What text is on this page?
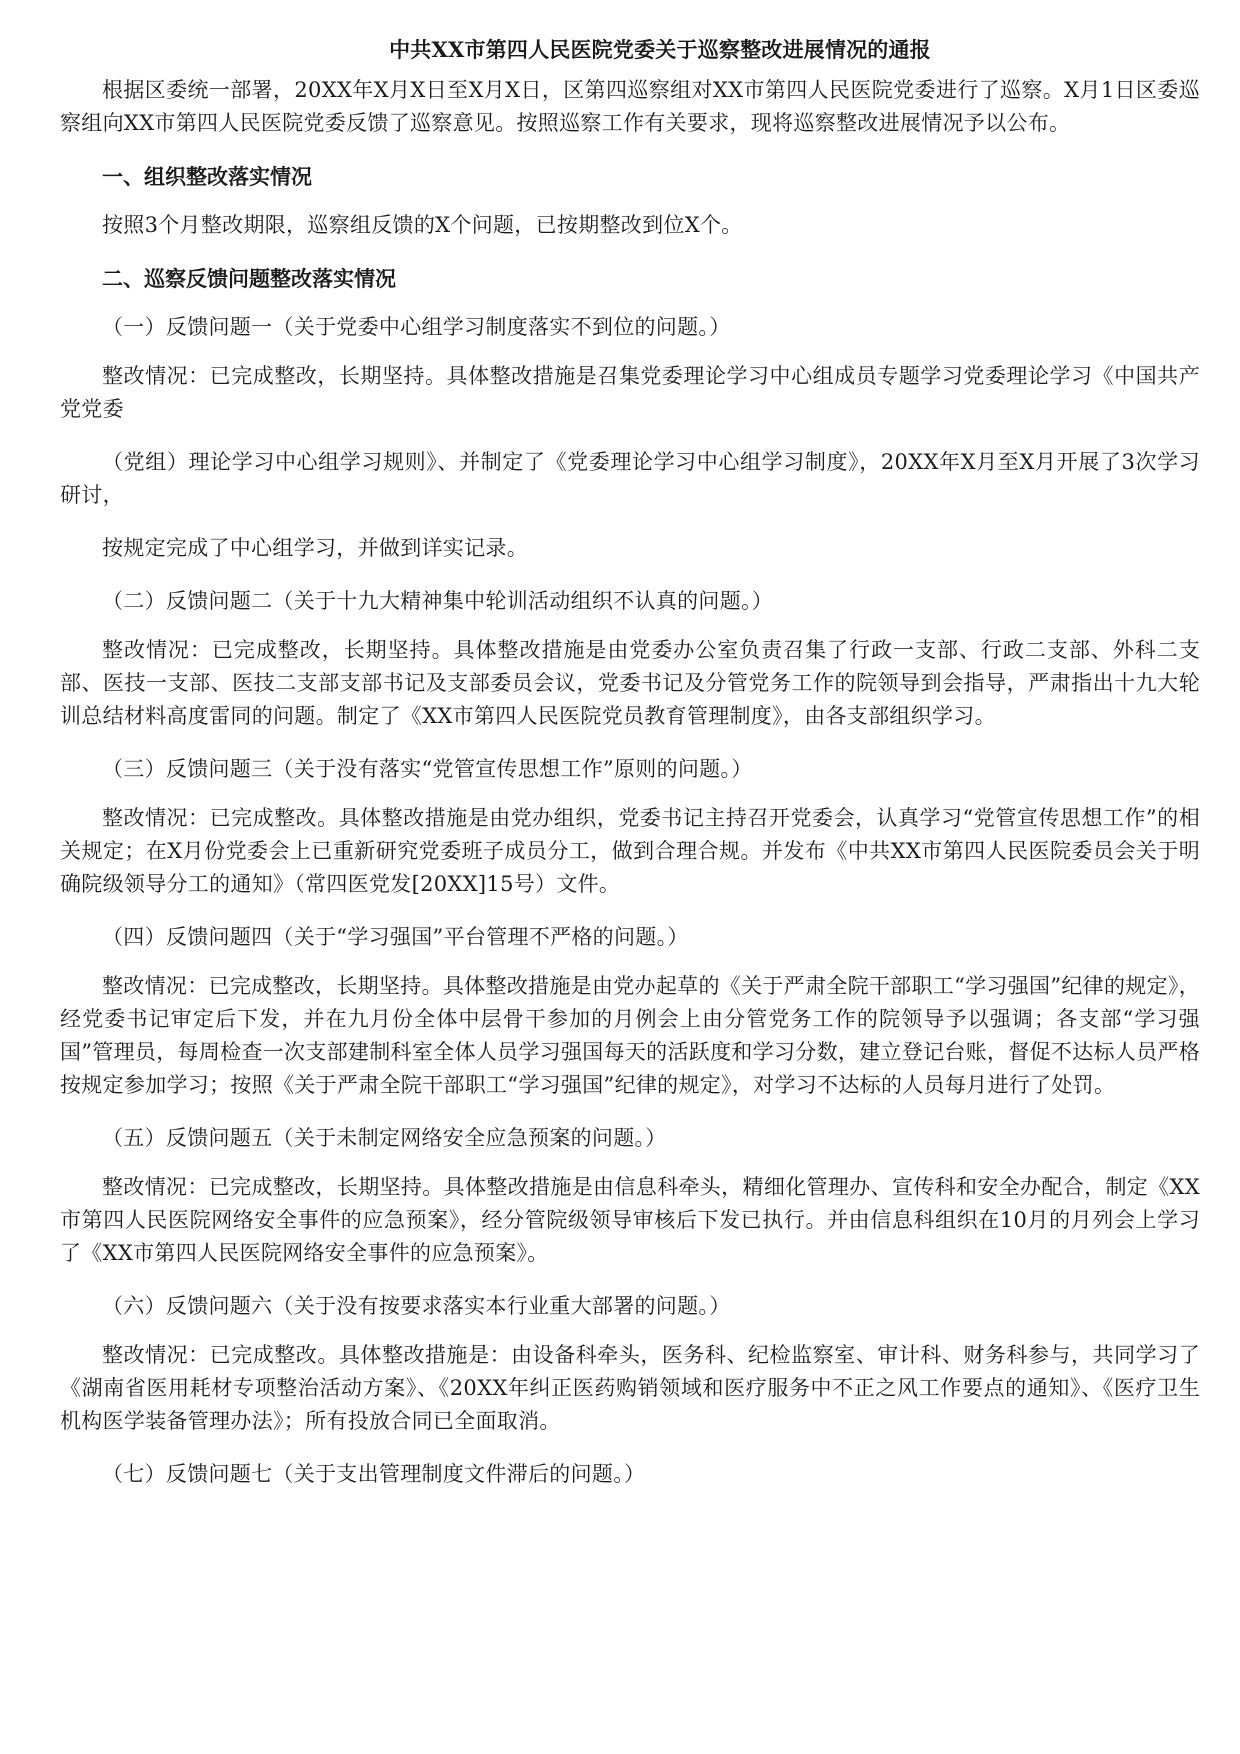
中共XX市第四人民医院党委关于巡察整改进展情况的通报

根据区委统一部署，20XX年X月X日至X月X日，区第四巡察组对XX市第四人民医院党委进行了巡察。X月1日区委巡察组向XX市第四人民医院党委反馈了巡察意见。按照巡察工作有关要求，现将巡察整改进展情况予以公布。

一、组织整改落实情况

按照3个月整改期限，巡察组反馈的X个问题，已按期整改到位X个。

二、巡察反馈问题整改落实情况
（一）反馈问题一（关于党委中心组学习制度落实不到位的问题。）

整改情况：已完成整改，长期坚持。具体整改措施是召集党委理论学习中心组成员专题学习党委理论学习《中国共产党党委

（党组）理论学习中心组学习规则》、并制定了《党委理论学习中心组学习制度》，20XX年X月至X月开展了3次学习研讨，

按规定完成了中心组学习，并做到详实记录。

（二）反馈问题二（关于十九大精神集中轮训活动组织不认真的问题。）

整改情况：已完成整改，长期坚持。具体整改措施是由党委办公室负责召集了行政一支部、行政二支部、外科二支部、医技一支部、医技二支部支部书记及支部委员会议，党委书记及分管党务工作的院领导到会指导，严肃指出十九大轮训总结材料高度雷同的问题。制定了《XX市第四人民医院党员教育管理制度》，由各支部组织学习。

（三）反馈问题三（关于没有落实“党管宣传思想工作”原则的问题。）

整改情况：已完成整改。具体整改措施是由党办组织，党委书记主持召开党委会，认真学习“党管宣传思想工作”的相关规定；在X月份党委会上已重新研究党委班子成员分工，做到合理合规。并发布《中共XX市第四人民医院委员会关于明确院级领导分工的通知》（常四医党发[20XX]15号）文件。

（四）反馈问题四（关于“学习强国”平台管理不严格的问题。）

整改情况：已完成整改，长期坚持。具体整改措施是由党办起草的《关于严肃全院干部职工“学习强国”纪律的规定》，经党委书记审定后下发，并在九月份全体中层骨干参加的月例会上由分管党务工作的院领导予以强调；各支部“学习强国”管理员，每周检查一次支部建制科室全体人员学习强国每天的活跃度和学习分数，建立登记台账，督促不达标人员严格按规定参加学习；按照《关于严肃全院干部职工“学习强国”纪律的规定》，对学习不达标的人员每月进行了处罚。

（五）反馈问题五（关于未制定网络安全应急预案的问题。）

整改情况：已完成整改，长期坚持。具体整改措施是由信息科牵头，精细化管理办、宣传科和安全办配合，制定《XX市第四人民医院网络安全事件的应急预案》，经分管院级领导审核后下发已执行。并由信息科组织在10月的月列会上学习了《XX市第四人民医院网络安全事件的应急预案》。

（六）反馈问题六（关于没有按要求落实本行业重大部署的问题。）

整改情况：已完成整改。具体整改措施是：由设备科牵头，医务科、纪检监察室、审计科、财务科参与，共同学习了《湖南省医用耗材专项整治活动方案》、《20XX年纠正医药购销领域和医疗服务中不正之风工作要点的通知》、《医疗卫生机构医学装备管理办法》；所有投放合同已全面取消。

（七）反馈问题七（关于支出管理制度文件滞后的问题。）
